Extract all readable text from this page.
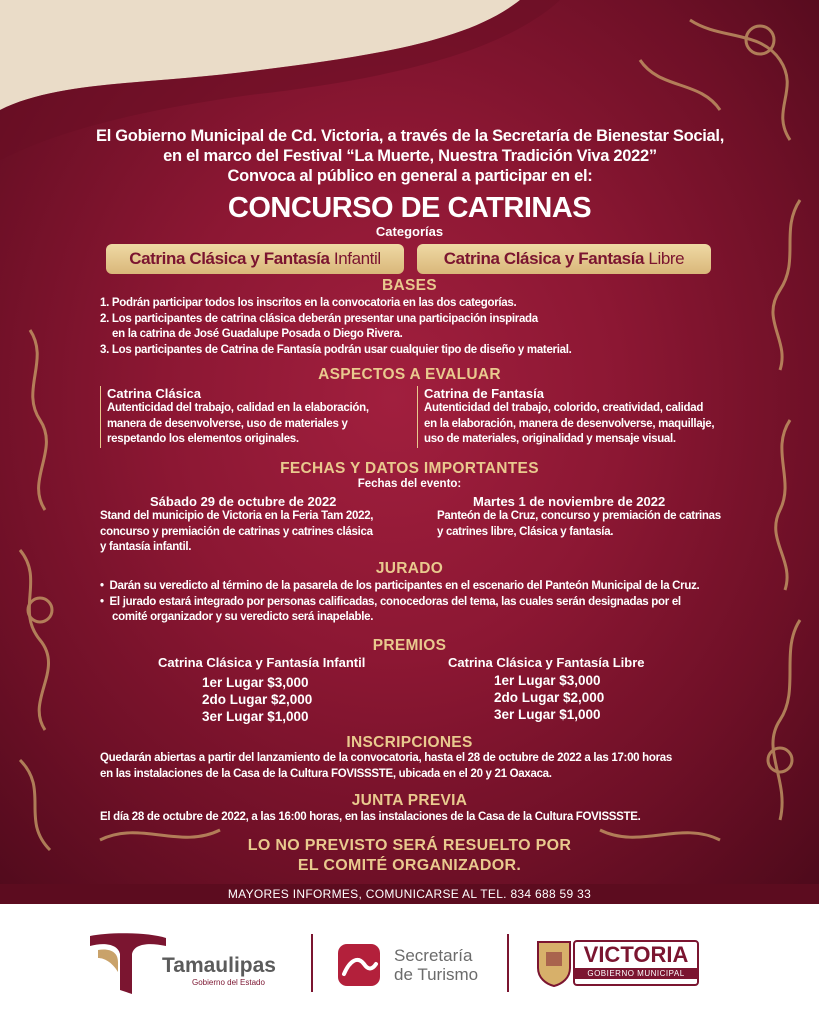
El Gobierno Municipal de Cd. Victoria, a través de la Secretaría de Bienestar Social,
en el marco del Festival “La Muerte, Nuestra Tradición Viva 2022”
Convoca al público en general a participar en el:
CONCURSO DE CATRINAS
Categorías
Catrina Clásica y Fantasía Infantil	Catrina Clásica y Fantasía Libre
BASES
1. Podrán participar todos los inscritos en la convocatoria en las dos categorías.
2. Los participantes de catrina clásica deberán presentar una participación inspirada
en la catrina de José Guadalupe Posada o Diego Rivera.
3. Los participantes de Catrina de Fantasía podrán usar cualquier tipo de diseño y material.
ASPECTOS A EVALUAR
Catrina Clásica
Autenticidad del trabajo, calidad en la elaboración,
manera de desenvolverse, uso de materiales y
respetando los elementos originales.
Catrina de Fantasía
Autenticidad del trabajo, colorido, creatividad, calidad
en la elaboración, manera de desenvolverse, maquillaje,
uso de materiales, originalidad y mensaje visual.
FECHAS Y DATOS IMPORTANTES
Fechas del evento:
Sábado 29 de octubre de 2022
Stand del municipio de Victoria en la Feria Tam 2022,
concurso y premiación de catrinas y catrines clásica
y fantasía infantil.
Martes 1 de noviembre de 2022
Panteón de la Cruz, concurso y premiación de catrinas
y catrines libre, Clásica y fantasía.
JURADO
•  Darán su veredicto al término de la pasarela de los participantes en el escenario del Panteón Municipal de la Cruz.
•  El jurado estará integrado por personas calificadas, conocedoras del tema, las cuales serán designadas por el
comité organizador y su veredicto será inapelable.
PREMIOS
Catrina Clásica y Fantasía Infantil
1er Lugar $3,000
2do Lugar $2,000
3er Lugar $1,000
Catrina Clásica y Fantasía Libre
1er Lugar $3,000
2do Lugar $2,000
3er Lugar $1,000
INSCRIPCIONES
Quedarán abiertas a partir del lanzamiento de la convocatoria, hasta el 28 de octubre de 2022 a las 17:00 horas
en las instalaciones de la Casa de la Cultura FOVISSSTE, ubicada en el 20 y 21 Oaxaca.
JUNTA PREVIA
El día 28 de octubre de 2022, a las 16:00 horas, en las instalaciones de la Casa de la Cultura FOVISSSTE.
LO NO PREVISTO SERÁ RESUELTO POR
EL COMITÉ ORGANIZADOR.
MAYORES INFORMES, COMUNICARSE AL TEL. 834 688 59 33
Tamaulipas
Gobierno del Estado
Secretaría
de Turismo
VICTORIA
GOBIERNO MUNICIPAL
